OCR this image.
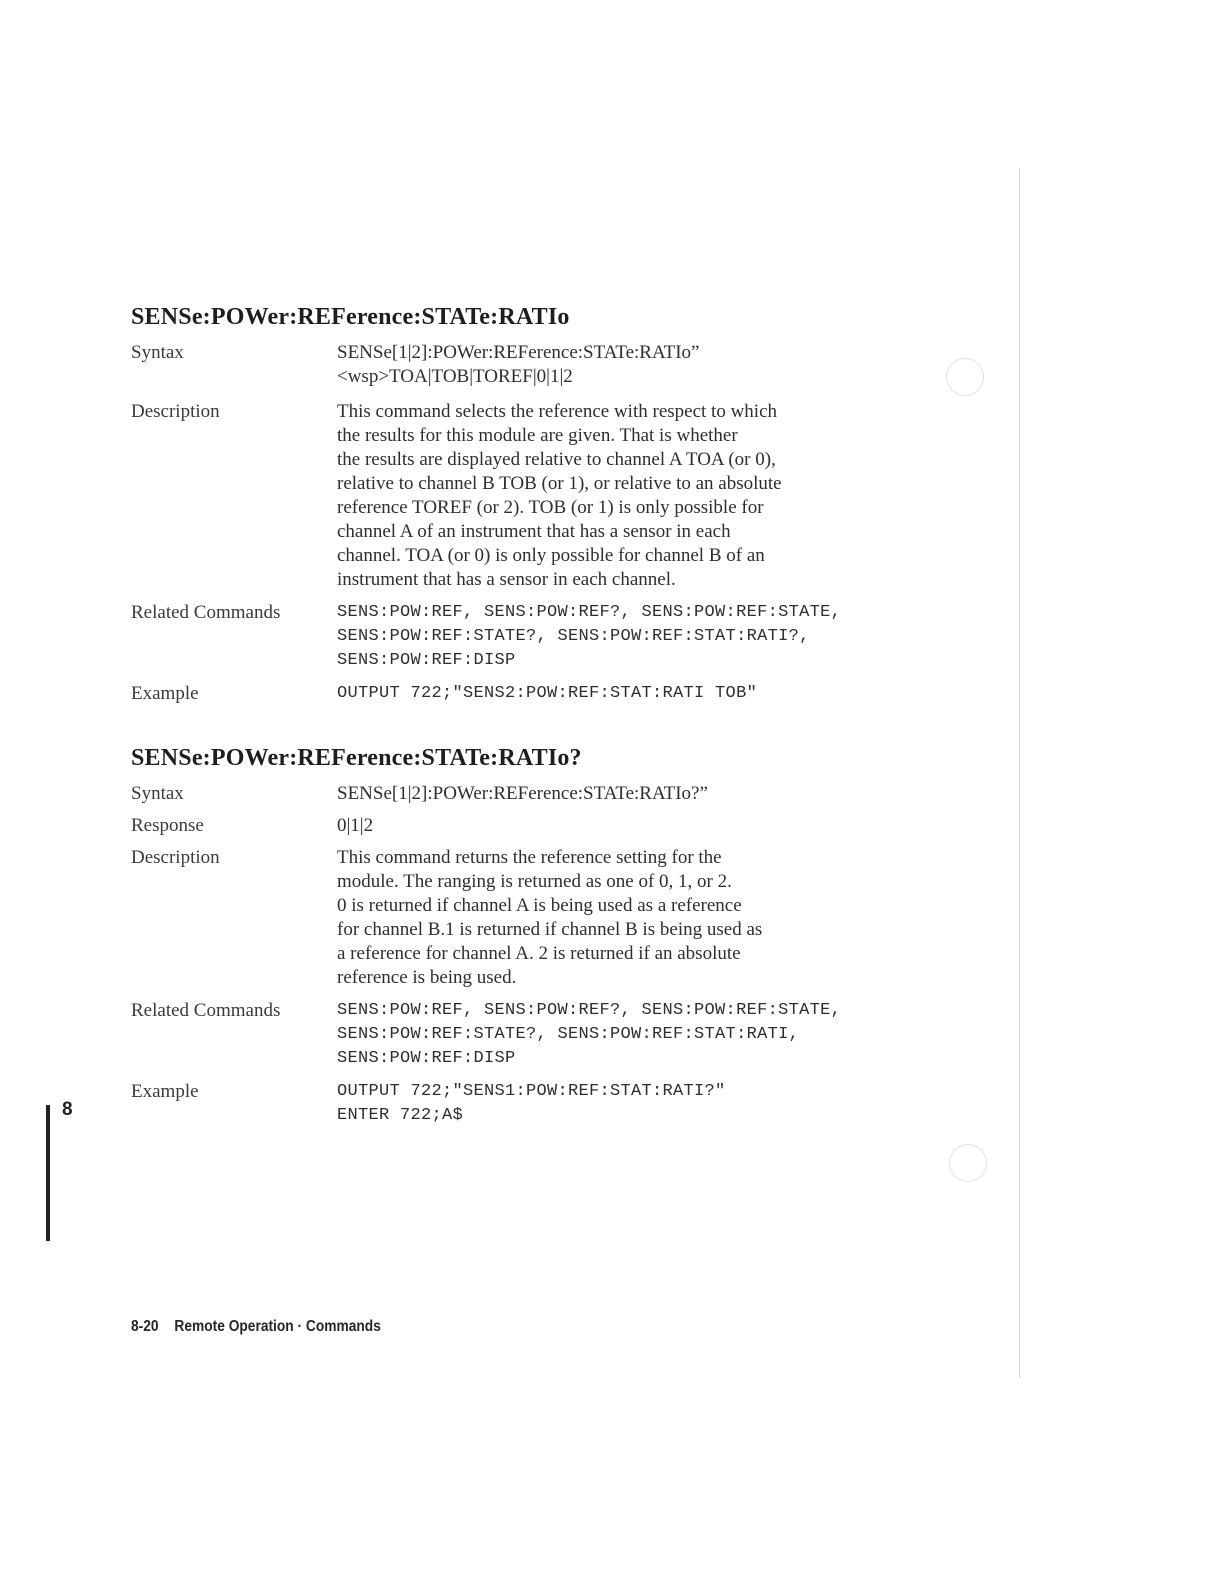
SENSe:POWer:REFerence:STATe:RATIo
Syntax	SENSe[1|2]:POWer:REFerence:STATe:RATIo”
<wsp>TOA|TOB|TOREF|0|1|2
Description	This command selects the reference with respect to which
the results for this module are given. That is whether
the results are displayed relative to channel A TOA (or 0),
relative to channel B TOB (or 1), or relative to an absolute
reference TOREF (or 2). TOB (or 1) is only possible for
channel A of an instrument that has a sensor in each
channel. TOA (or 0) is only possible for channel B of an
instrument that has a sensor in each channel.
Related Commands	SENS:POW:REF, SENS:POW:REF?, SENS:POW:REF:STATE,
SENS:POW:REF:STATE?, SENS:POW:REF:STAT:RATI?,
SENS:POW:REF:DISP
Example	OUTPUT 722;"SENS2:POW:REF:STAT:RATI TOB"
SENSe:POWer:REFerence:STATe:RATIo?
Syntax	SENSe[1|2]:POWer:REFerence:STATe:RATIo?”
Response	0|1|2
Description	This command returns the reference setting for the
module. The ranging is returned as one of 0, 1, or 2.
0 is returned if channel A is being used as a reference
for channel B.1 is returned if channel B is being used as
a reference for channel A. 2 is returned if an absolute
reference is being used.
Related Commands	SENS:POW:REF, SENS:POW:REF?, SENS:POW:REF:STATE,
SENS:POW:REF:STATE?, SENS:POW:REF:STAT:RATI,
SENS:POW:REF:DISP
Example	OUTPUT 722;"SENS1:POW:REF:STAT:RATI?"
ENTER 722;A$
8
8-20 Remote Operation · Commands
